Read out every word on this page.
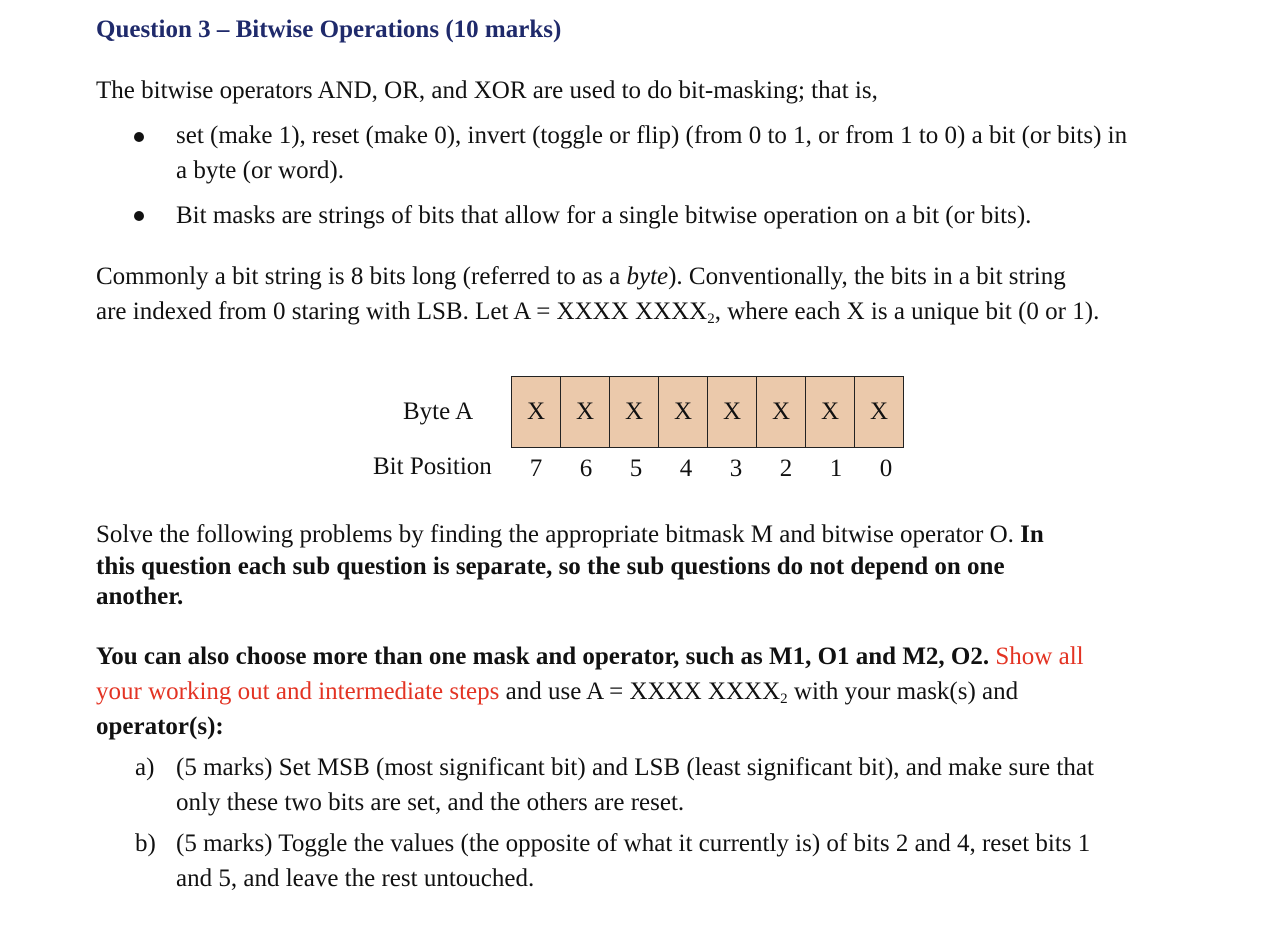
Question 3 – Bitwise Operations (10 marks)
The bitwise operators AND, OR, and XOR are used to do bit-masking; that is,
set (make 1), reset (make 0), invert (toggle or flip) (from 0 to 1, or from 1 to 0) a bit (or bits) in
a byte (or word).
Bit masks are strings of bits that allow for a single bitwise operation on a bit (or bits).
Commonly a bit string is 8 bits long (referred to as a byte). Conventionally, the bits in a bit string
are indexed from 0 staring with LSB. Let A = XXXX $XXXX_2$, where each X is a unique bit (0 or 1).
Byte A X	X	X	X	X	X	X	X
Bit Position	7	6	5	4	3	2	1	0
Solve the following problems by finding the appropriate bitmask M and bitwise operator O. In
this question each sub question is separate, so the sub questions do not depend on one
another.
You can also choose more than one mask and operator, such as M1, O1 and M2, O2. Show all
your working out and intermediate steps and use A = XXXX $XXXX_2$ with your mask(s) and
operator(s):
a) (5 marks) Set MSB (most significant bit) and LSB (least significant bit), and make sure that
only these two bits are set, and the others are reset.
b) (5 marks) Toggle the values (the opposite of what it currently is) of bits 2 and 4, reset bits 1
and 5, and leave the rest untouched.
